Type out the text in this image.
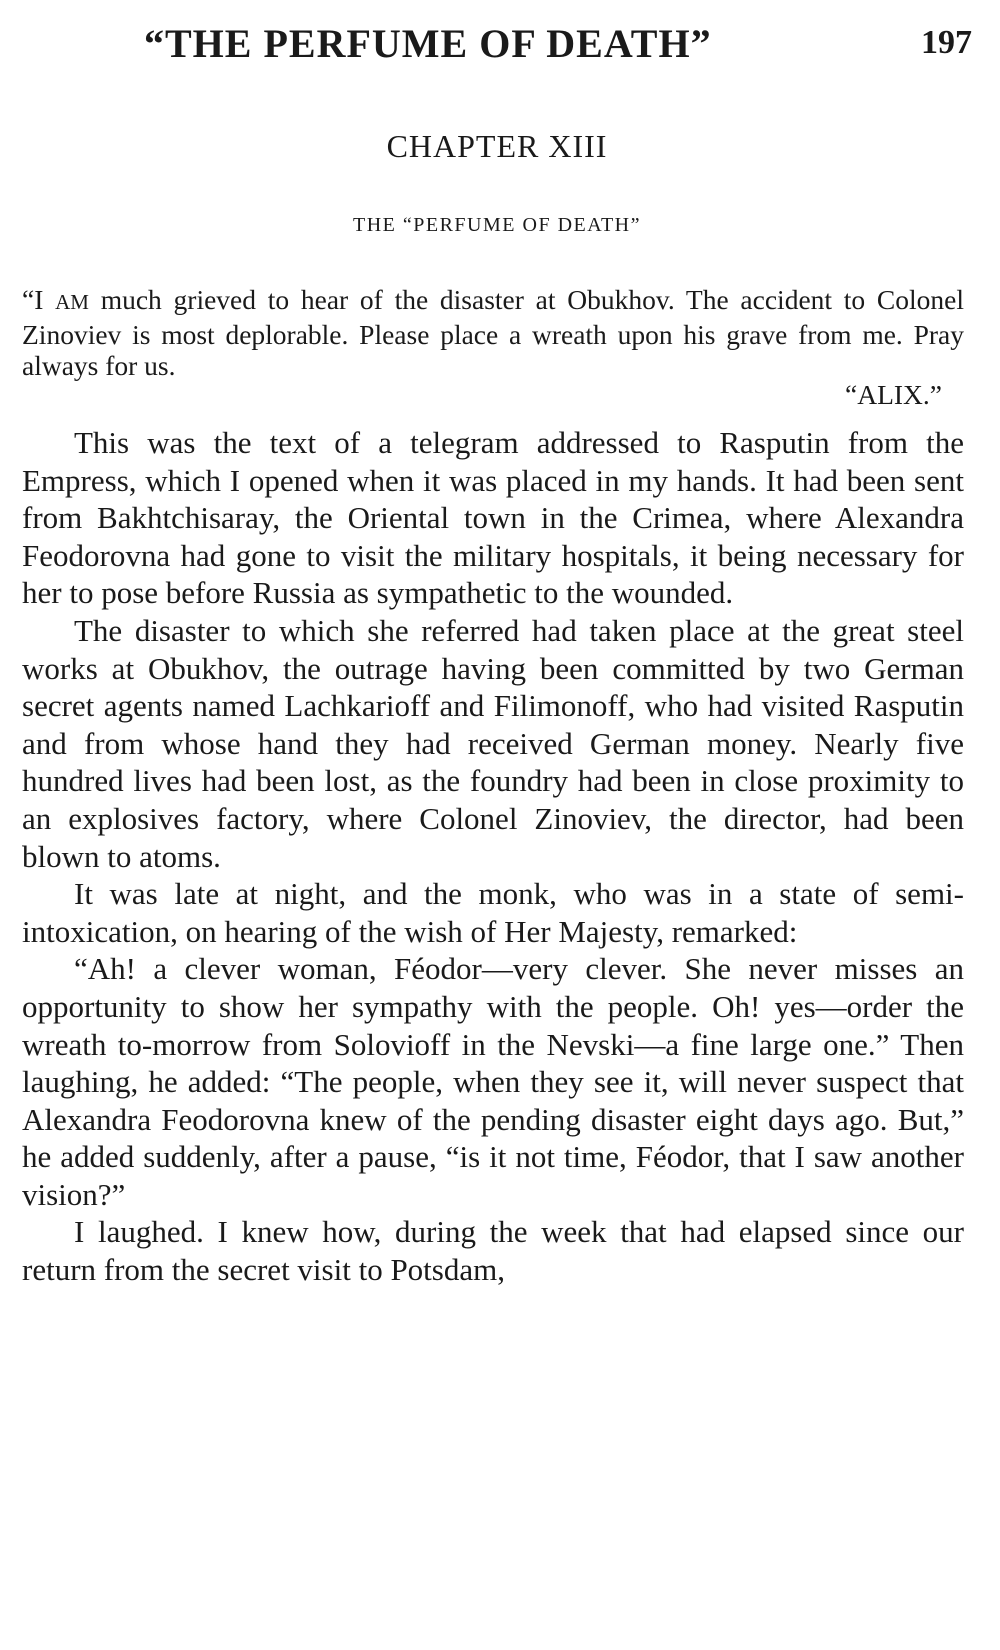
“THE PERFUME OF DEATH”	197
CHAPTER XIII
THE “PERFUME OF DEATH”
“I AM much grieved to hear of the disaster at Obukhov. The accident to Colonel Zinoviev is most deplorable. Please place a wreath upon his grave from me. Pray always for us.
“ALIX.”

This was the text of a telegram addressed to Rasputin from the Empress, which I opened when it was placed in my hands. It had been sent from Bakhtchisaray, the Oriental town in the Crimea, where Alexandra Feodorovna had gone to visit the military hospitals, it being necessary for her to pose before Russia as sympathetic to the wounded.

The disaster to which she referred had taken place at the great steel works at Obukhov, the outrage having been committed by two German secret agents named Lachkarioff and Filimonoff, who had visited Rasputin and from whose hand they had received German money. Nearly five hundred lives had been lost, as the foundry had been in close proximity to an explosives factory, where Colonel Zinoviev, the director, had been blown to atoms.

It was late at night, and the monk, who was in a state of semi-intoxication, on hearing of the wish of Her Majesty, remarked:

“Ah! a clever woman, Féodor—very clever. She never misses an opportunity to show her sympathy with the people. Oh! yes—order the wreath to-morrow from Solovioff in the Nevski—a fine large one.” Then laughing, he added: “The people, when they see it, will never suspect that Alexandra Feodorovna knew of the pending disaster eight days ago. But,” he added suddenly, after a pause, “is it not time, Féodor, that I saw another vision?”

I laughed. I knew how, during the week that had elapsed since our return from the secret visit to Potsdam,
